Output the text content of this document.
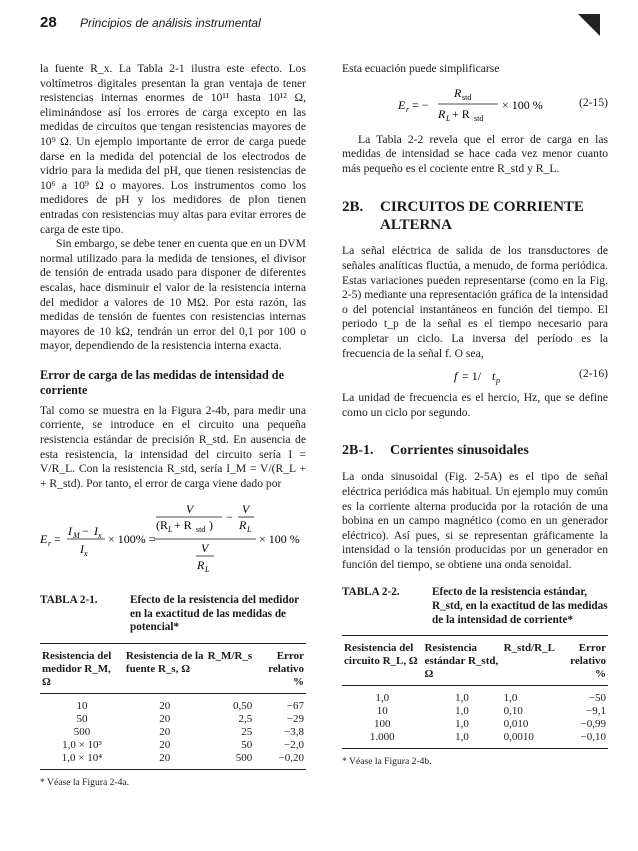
28 Principios de análisis instrumental

la fuente R_x. La Tabla 2-1 ilustra este efecto. Los voltímetros digitales presentan la gran ventaja de tener resistencias internas enormes de 10¹¹ hasta 10¹² Ω, eliminándose así los errores de carga excepto en las medidas de circuitos que tengan resistencias mayores de 10⁹ Ω. Un ejemplo importante de error de carga puede darse en la medida del potencial de los electrodos de vidrio para la medida del pH, que tienen resistencias de 10⁶ a 10⁹ Ω o mayores. Los instrumentos como los medidores de pH y los medidores de pIon tienen entradas con resistencias muy altas para evitar errores de carga de este tipo.

Sin embargo, se debe tener en cuenta que en un DVM normal utilizado para la medida de tensiones, el divisor de tensión de entrada usado para disponer de diferentes escalas, hace disminuir el valor de la resistencia interna del medidor a valores de 10 MΩ. Por esta razón, las medidas de tensión de fuentes con resistencias internas mayores de 10 kΩ, tendrán un error del 0,1 por 100 o mayor, dependiendo de la resistencia interna exacta.

Error de carga de las medidas de intensidad de corriente

Tal como se muestra en la Figura 2-4b, para medir una corriente, se introduce en el circuito una pequeña resistencia estándar de precisión R_std. En ausencia de esta resistencia, la intensidad del circuito sería I = V/R_L. Con la resistencia R_std, sería I_M = V/(R_L + + R_std). Por tanto, el error de carga viene dado por

E r =
I M − I x
I x
× 100% =
V
(R L + R std )
−
V
R L
V
R L
× 100 %
TABLA 2-1.	Efecto de la resistencia del medidor en la exactitud de las medidas de potencial*
Resistencia del medidor R_M, Ω	Resistencia de la fuente R_s, Ω	R_M/R_s	Error relativo %
10	20	0,50	−67
50	20	2,5	−29
500	20	25	−3,8
1,0 × 10³	20	50	−2,0
1,0 × 10⁴	20	500	−0,20
* Véase la Figura 2-4a.

Esta ecuación puede simplificarse

E r = −
R std
R L + R std
× 100 %	(2-15)

La Tabla 2-2 revela que el error de carga en las medidas de intensidad se hace cada vez menor cuanto más pequeño es el cociente entre R_std y R_L.

2B.	CIRCUITOS DE CORRIENTE ALTERNA

La señal eléctrica de salida de los transductores de señales analíticas fluctúa, a menudo, de forma periódica. Estas variaciones pueden representarse (como en la Fig. 2-5) mediante una representación gráfica de la intensidad o del potencial instantáneos en función del tiempo. El periodo t_p de la señal es el tiempo necesario para completar un ciclo. La inversa del período es la frecuencia de la señal f. O sea,

f = 1/ t p
(2-16)

La unidad de frecuencia es el hercio, Hz, que se define como un ciclo por segundo.

2B-1.	Corrientes sinusoidales

La onda sinusoidal (Fig. 2-5A) es el tipo de señal eléctrica periódica más habitual. Un ejemplo muy común es la corriente alterna producida por la rotación de una bobina en un campo magnético (como en un generador eléctrico). Así pues, si se representan gráficamente la intensidad o la tensión producidas por un generador en función del tiempo, se obtiene una onda senoidal.

TABLA 2-2.	Efecto de la resistencia estándar, R_std, en la exactitud de las medidas de la intensidad de corriente*
Resistencia del circuito R_L, Ω	Resistencia estándar R_std, Ω	R_std/R_L	Error relativo %
1,0	1,0	1,0	−50
10	1,0	0,10	−9,1
100	1,0	0,010	−0,99
1.000	1,0	0,0010	−0,10
* Véase la Figura 2-4b.
